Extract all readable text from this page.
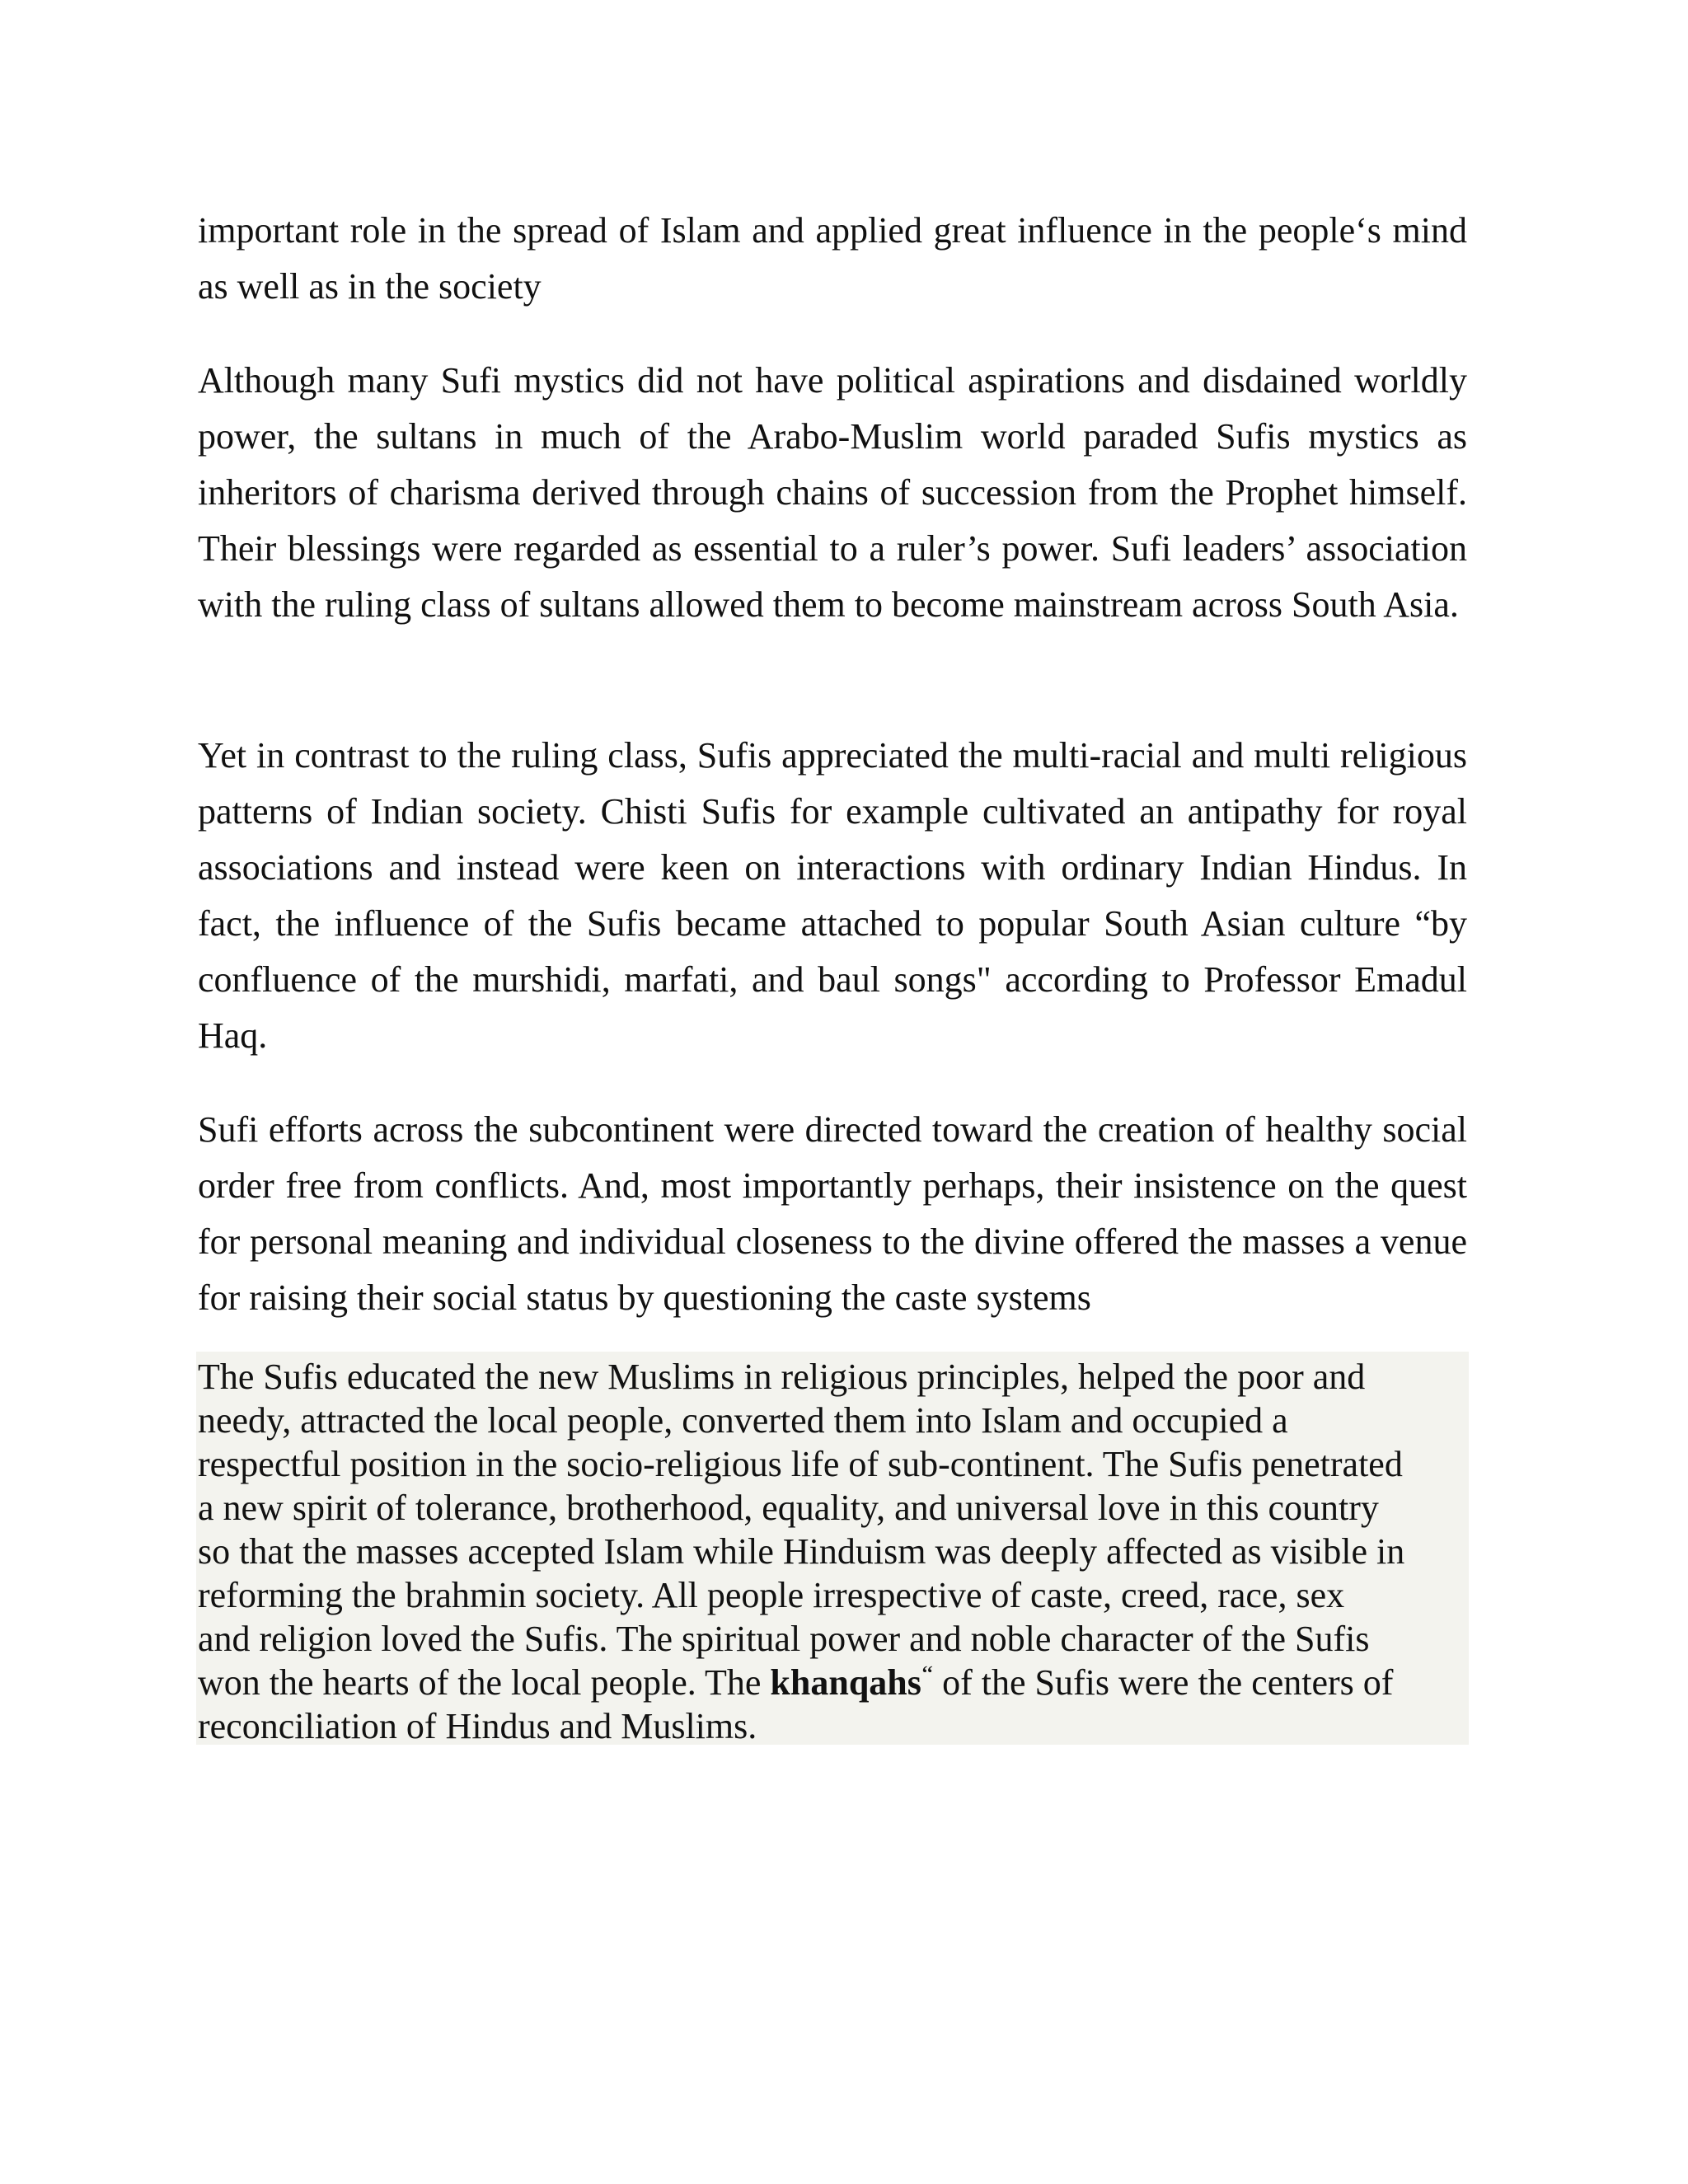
important role in the spread of Islam and applied great influence in the people‘s mind as well as in the society

Although many Sufi mystics did not have political aspirations and disdained worldly power, the sultans in much of the Arabo-Muslim world paraded Sufis mystics as inheritors of charisma derived through chains of succession from the Prophet himself. Their blessings were regarded as essential to a ruler’s power. Sufi leaders’ association with the ruling class of sultans allowed them to become mainstream across South Asia.

Yet in contrast to the ruling class, Sufis appreciated the multi-racial and multi religious patterns of Indian society. Chisti Sufis for example cultivated an antipathy for royal associations and instead were keen on interactions with ordinary Indian Hindus. In fact, the influence of the Sufis became attached to popular South Asian culture “by confluence of the murshidi, marfati, and baul songs" according to Professor Emadul Haq.

Sufi efforts across the subcontinent were directed toward the creation of healthy social order free from conflicts. And, most importantly perhaps, their insistence on the quest for personal meaning and individual closeness to the divine offered the masses a venue for raising their social status by questioning the caste systems

The Sufis educated the new Muslims in religious principles, helped the poor and
needy, attracted the local people, converted them into Islam and occupied a
respectful position in the socio-religious life of sub-continent. The Sufis penetrated
a new spirit of tolerance, brotherhood, equality, and universal love in this country
so that the masses accepted Islam while Hinduism was deeply affected as visible in
reforming the brahmin society. All people irrespective of caste, creed, race, sex
and religion loved the Sufis. The spiritual power and noble character of the Sufis
won the hearts of the local people. The khanqahs‘‘ of the Sufis were the centers of
reconciliation of Hindus and Muslims.
